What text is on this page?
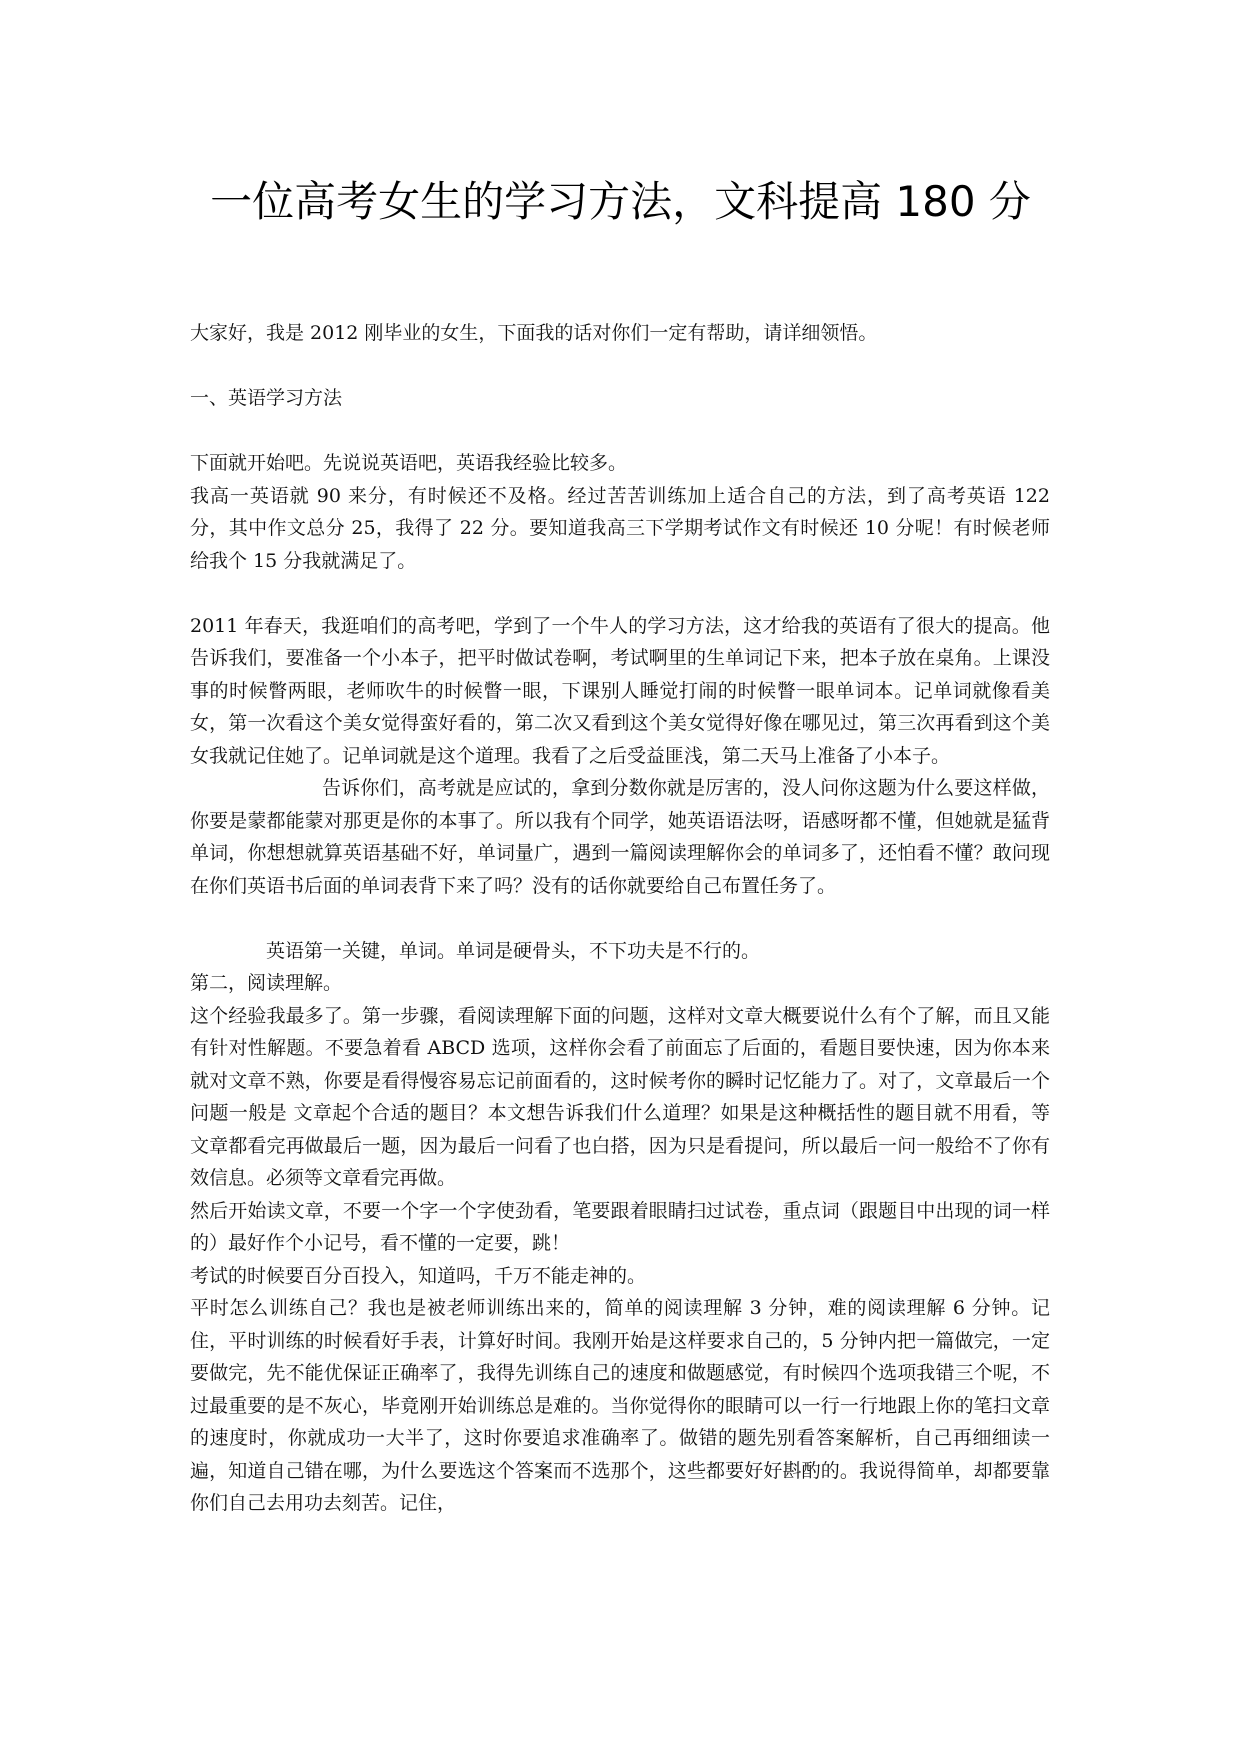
一位高考女生的学习方法，文科提高 180 分

大家好，我是 2012 刚毕业的女生，下面我的话对你们一定有帮助，请详细领悟。

一、英语学习方法

下面就开始吧。先说说英语吧，英语我经验比较多。

我高一英语就 90 来分，有时候还不及格。经过苦苦训练加上适合自己的方法，到了高考英语 122 分，其中作文总分 25，我得了 22 分。要知道我高三下学期考试作文有时候还 10 分呢！有时候老师给我个 15 分我就满足了。

2011 年春天，我逛咱们的高考吧，学到了一个牛人的学习方法，这才给我的英语有了很大的提高。他告诉我们，要准备一个小本子，把平时做试卷啊，考试啊里的生单词记下来，把本子放在桌角。上课没事的时候瞥两眼，老师吹牛的时候瞥一眼，下课别人睡觉打闹的时候瞥一眼单词本。记单词就像看美女，第一次看这个美女觉得蛮好看的，第二次又看到这个美女觉得好像在哪见过，第三次再看到这个美女我就记住她了。记单词就是这个道理。我看了之后受益匪浅，第二天马上准备了小本子。

告诉你们，高考就是应试的，拿到分数你就是厉害的，没人问你这题为什么要这样做，你要是蒙都能蒙对那更是你的本事了。所以我有个同学，她英语语法呀，语感呀都不懂，但她就是猛背单词，你想想就算英语基础不好，单词量广，遇到一篇阅读理解你会的单词多了，还怕看不懂？敢问现在你们英语书后面的单词表背下来了吗？没有的话你就要给自己布置任务了。

英语第一关键，单词。单词是硬骨头，不下功夫是不行的。

第二，阅读理解。

这个经验我最多了。第一步骤，看阅读理解下面的问题，这样对文章大概要说什么有个了解，而且又能有针对性解题。不要急着看 ABCD 选项，这样你会看了前面忘了后面的，看题目要快速，因为你本来就对文章不熟，你要是看得慢容易忘记前面看的，这时候考你的瞬时记忆能力了。对了，文章最后一个问题一般是 文章起个合适的题目？本文想告诉我们什么道理？如果是这种概括性的题目就不用看，等文章都看完再做最后一题，因为最后一问看了也白搭，因为只是看提问，所以最后一问一般给不了你有效信息。必须等文章看完再做。

然后开始读文章，不要一个字一个字使劲看，笔要跟着眼睛扫过试卷，重点词（跟题目中出现的词一样的）最好作个小记号，看不懂的一定要，跳！

考试的时候要百分百投入，知道吗，千万不能走神的。

平时怎么训练自己？我也是被老师训练出来的，简单的阅读理解 3 分钟，难的阅读理解 6 分钟。记住，平时训练的时候看好手表，计算好时间。我刚开始是这样要求自己的，5 分钟内把一篇做完，一定要做完，先不能优保证正确率了，我得先训练自己的速度和做题感觉，有时候四个选项我错三个呢，不过最重要的是不灰心，毕竟刚开始训练总是难的。当你觉得你的眼睛可以一行一行地跟上你的笔扫文章的速度时，你就成功一大半了，这时你要追求准确率了。做错的题先别看答案解析，自己再细细读一遍，知道自己错在哪，为什么要选这个答案而不选那个，这些都要好好斟酌的。我说得简单，却都要靠你们自己去用功去刻苦。记住，
